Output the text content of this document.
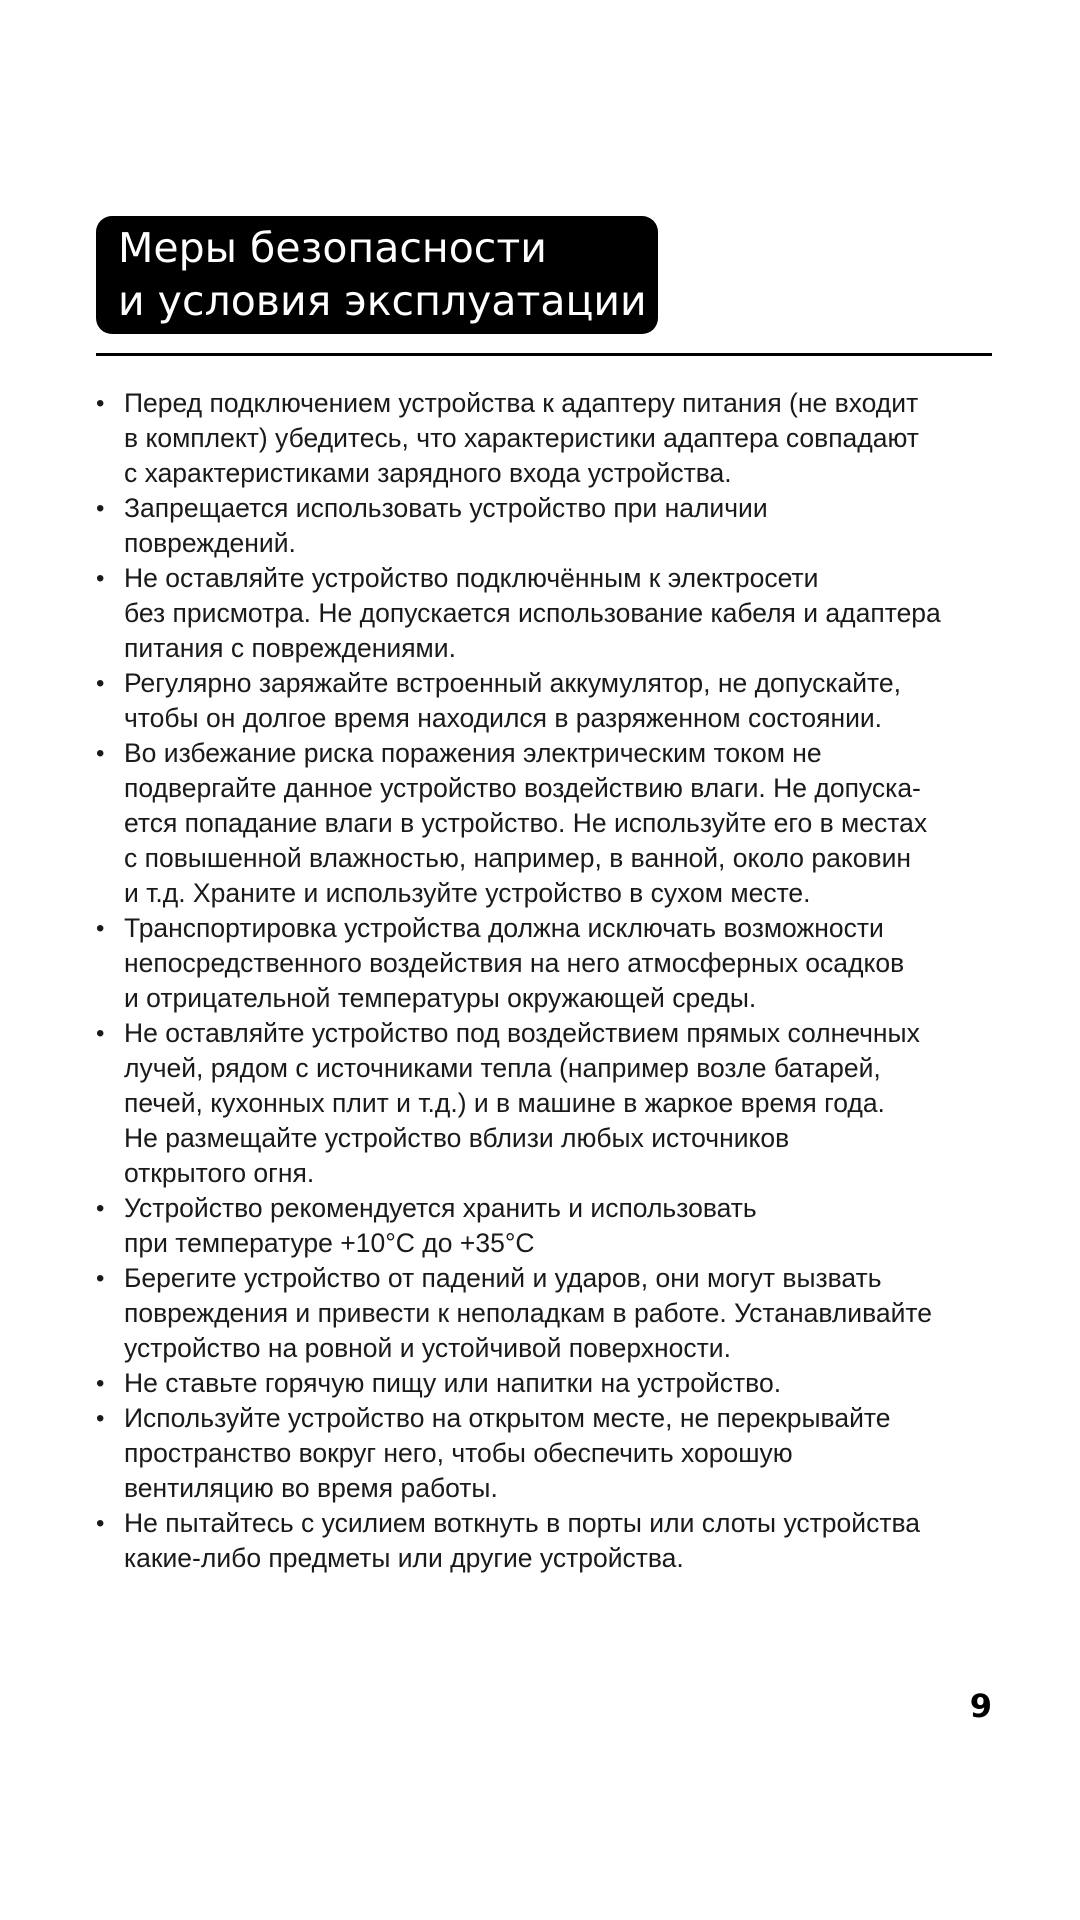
Меры безопасности
и условия эксплуатации
• Перед подключением устройства к адаптеру питания (не входит
в комплект) убедитесь, что характеристики адаптера совпадают
с характеристиками зарядного входа устройства.
• Запрещается использовать устройство при наличии
повреждений.
• Не оставляйте устройство подключённым к электросети
без присмотра. Не допускается использование кабеля и адаптера
питания с повреждениями.
• Регулярно заряжайте встроенный аккумулятор, не допускайте,
чтобы он долгое время находился в разряженном состоянии.
• Во избежание риска поражения электрическим током не
подвергайте данное устройство воздействию влаги. Не допуска-
ется попадание влаги в устройство. Не используйте его в местах
с повышенной влажностью, например, в ванной, около раковин
и т.д. Храните и используйте устройство в сухом месте.
• Транспортировка устройства должна исключать возможности
непосредственного воздействия на него атмосферных осадков
и отрицательной температуры окружающей среды.
• Не оставляйте устройство под воздействием прямых солнечных
лучей, рядом с источниками тепла (например возле батарей,
печей, кухонных плит и т.д.) и в машине в жаркое время года.
Не размещайте устройство вблизи любых источников
открытого огня.
• Устройство рекомендуется хранить и использовать
при температуре +10°С до +35°С
• Берегите устройство от падений и ударов, они могут вызвать
повреждения и привести к неполадкам в работе. Устанавливайте
устройство на ровной и устойчивой поверхности.
• Не ставьте горячую пищу или напитки на устройство.
• Используйте устройство на открытом месте, не перекрывайте
пространство вокруг него, чтобы обеспечить хорошую
вентиляцию во время работы.
• Не пытайтесь с усилием воткнуть в порты или слоты устройства
какие-либо предметы или другие устройства.
9
